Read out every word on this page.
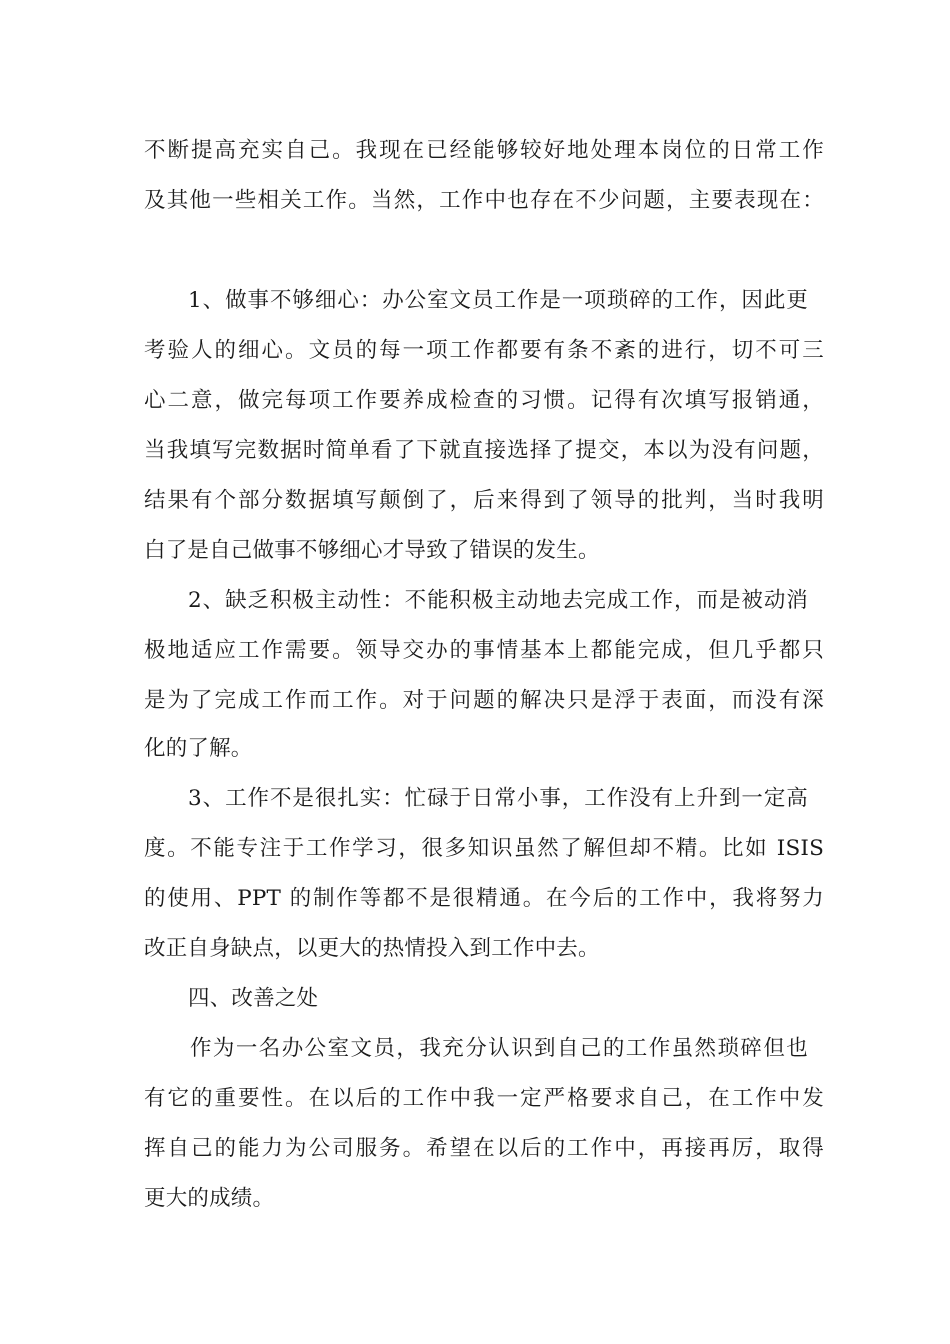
不断提高充实自己。我现在已经能够较好地处理本岗位的日常工作
及其他一些相关工作。当然，工作中也存在不少问题，主要表现在：
1、做事不够细心：办公室文员工作是一项琐碎的工作，因此更
考验人的细心。文员的每一项工作都要有条不紊的进行，切不可三
心二意，做完每项工作要养成检查的习惯。记得有次填写报销通，
当我填写完数据时简单看了下就直接选择了提交，本以为没有问题，
结果有个部分数据填写颠倒了，后来得到了领导的批判，当时我明
白了是自己做事不够细心才导致了错误的发生。
2、缺乏积极主动性：不能积极主动地去完成工作，而是被动消
极地适应工作需要。领导交办的事情基本上都能完成，但几乎都只
是为了完成工作而工作。对于问题的解决只是浮于表面，而没有深
化的了解。
3、工作不是很扎实：忙碌于日常小事，工作没有上升到一定高
度。不能专注于工作学习，很多知识虽然了解但却不精。比如 ISIS
的使用、PPT 的制作等都不是很精通。在今后的工作中，我将努力
改正自身缺点，以更大的热情投入到工作中去。
四、改善之处
作为一名办公室文员，我充分认识到自己的工作虽然琐碎但也
有它的重要性。在以后的工作中我一定严格要求自己，在工作中发
挥自己的能力为公司服务。希望在以后的工作中，再接再厉，取得
更大的成绩。
